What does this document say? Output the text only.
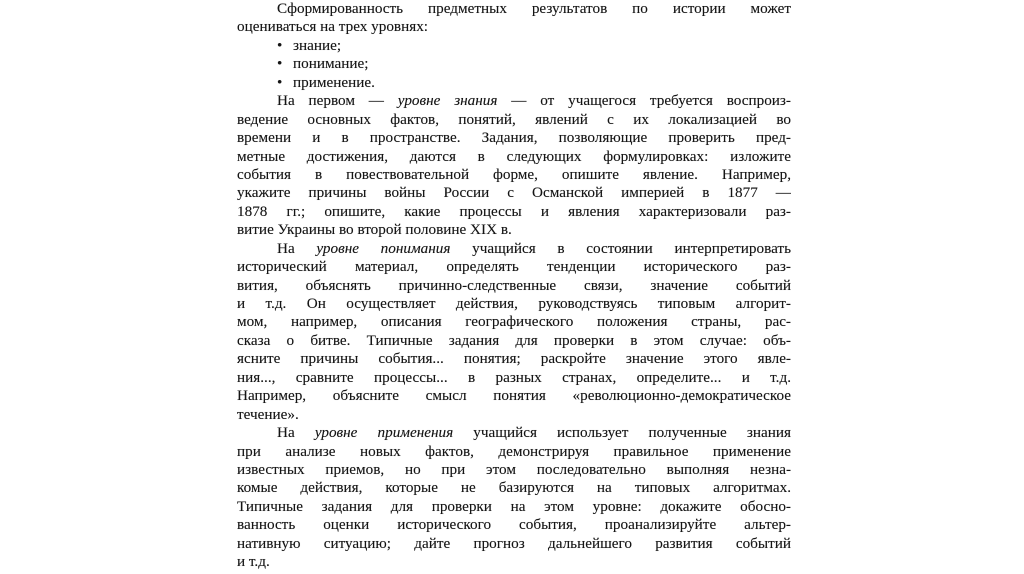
Сформированность предметных результатов по истории может
оцениваться на трех уровнях:
• знание;
• понимание;
• применение.
На первом — уровне знания — от учащегося требуется воспроиз-
ведение основных фактов, понятий, явлений с их локализацией во
времени и в пространстве. Задания, позволяющие проверить пред-
метные достижения, даются в следующих формулировках: изложите
события в повествовательной форме, опишите явление. Например,
укажите причины войны России с Османской империей в 1877 —
1878 гг.; опишите, какие процессы и явления характеризовали раз-
витие Украины во второй половине XIX в.
На уровне понимания учащийся в состоянии интерпретировать
исторический материал, определять тенденции исторического раз-
вития, объяснять причинно-следственные связи, значение событий
и т.д. Он осуществляет действия, руководствуясь типовым алгорит-
мом, например, описания географического положения страны, рас-
сказа о битве. Типичные задания для проверки в этом случае: объ-
ясните причины события... понятия; раскройте значение этого явле-
ния..., сравните процессы... в разных странах, определите... и т.д.
Например, объясните смысл понятия «революционно-демократическое
течение».
На уровне применения учащийся использует полученные знания
при анализе новых фактов, демонстрируя правильное применение
известных приемов, но при этом последовательно выполняя незна-
комые действия, которые не базируются на типовых алгоритмах.
Типичные задания для проверки на этом уровне: докажите обосно-
ванность оценки исторического события, проанализируйте альтер-
нативную ситуацию; дайте прогноз дальнейшего развития событий
и т.д.
